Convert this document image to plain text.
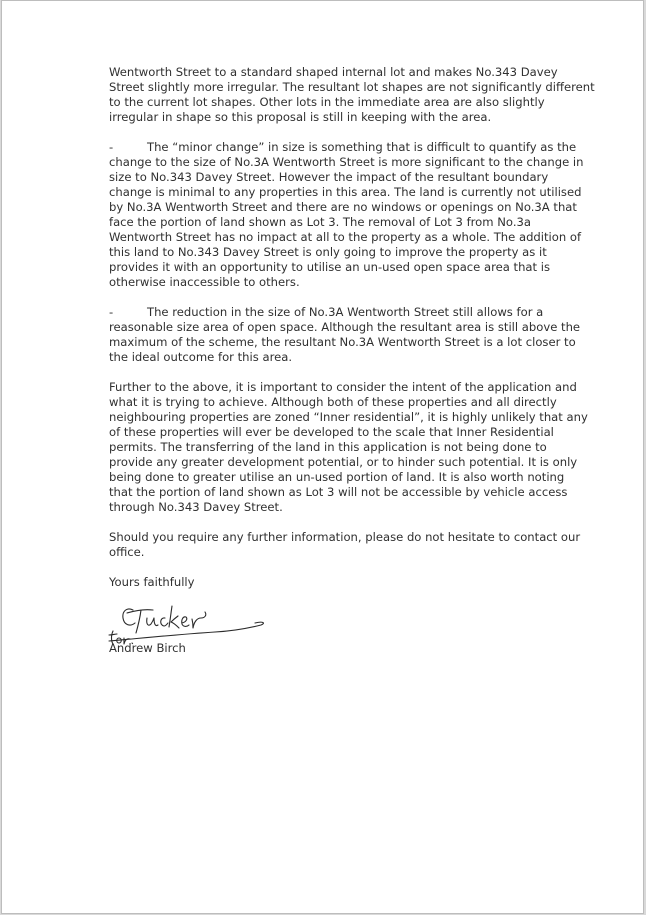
Wentworth Street to a standard shaped internal lot and makes No.343 Davey
Street slightly more irregular. The resultant lot shapes are not significantly different
to the current lot shapes. Other lots in the immediate area are also slightly
irregular in shape so this proposal is still in keeping with the area.

-	The “minor change” in size is something that is difficult to quantify as the
change to the size of No.3A Wentworth Street is more significant to the change in
size to No.343 Davey Street. However the impact of the resultant boundary
change is minimal to any properties in this area. The land is currently not utilised
by No.3A Wentworth Street and there are no windows or openings on No.3A that
face the portion of land shown as Lot 3. The removal of Lot 3 from No.3a
Wentworth Street has no impact at all to the property as a whole. The addition of
this land to No.343 Davey Street is only going to improve the property as it
provides it with an opportunity to utilise an un-used open space area that is
otherwise inaccessible to others.

-	The reduction in the size of No.3A Wentworth Street still allows for a
reasonable size area of open space. Although the resultant area is still above the
maximum of the scheme, the resultant No.3A Wentworth Street is a lot closer to
the ideal outcome for this area.

Further to the above, it is important to consider the intent of the application and
what it is trying to achieve. Although both of these properties and all directly
neighbouring properties are zoned “Inner residential”, it is highly unlikely that any
of these properties will ever be developed to the scale that Inner Residential
permits. The transferring of the land in this application is not being done to
provide any greater development potential, or to hinder such potential. It is only
being done to greater utilise an un-used portion of land. It is also worth noting
that the portion of land shown as Lot 3 will not be accessible by vehicle access
through No.343 Davey Street.

Should you require any further information, please do not hesitate to contact our
office.

Yours faithfully

Andrew Birch
